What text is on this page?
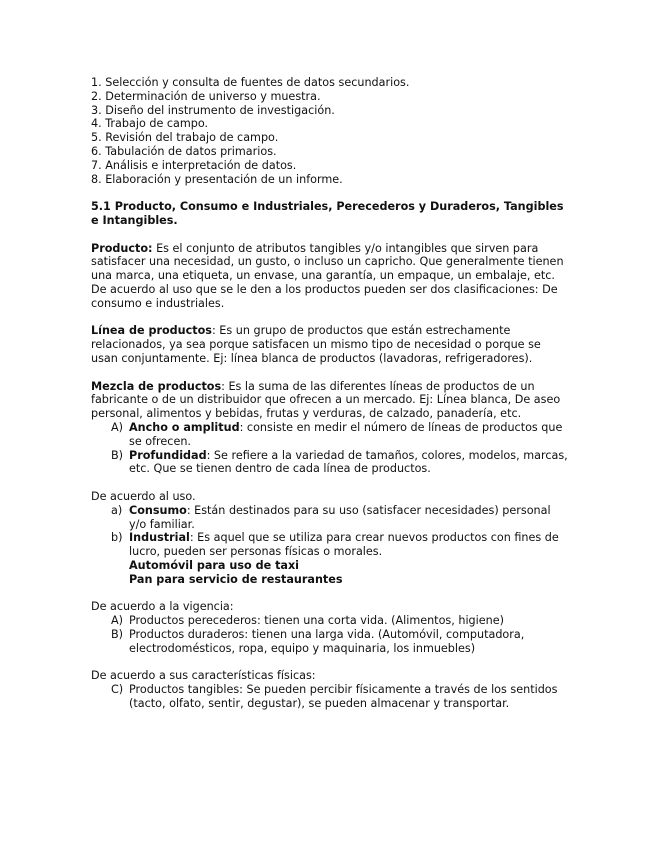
1. Selección y consulta de fuentes de datos secundarios.

2. Determinación de universo y muestra.

3. Diseño del instrumento de investigación.

4. Trabajo de campo.

5. Revisión del trabajo de campo.

6. Tabulación de datos primarios.

7. Análisis e interpretación de datos.

8. Elaboración y presentación de un informe.

5.1 Producto, Consumo e Industriales, Perecederos y Duraderos, Tangibles e Intangibles.

Producto: Es el conjunto de atributos tangibles y/o intangibles que sirven para satisfacer una necesidad, un gusto, o incluso un capricho. Que generalmente tienen una marca, una etiqueta, un envase, una garantía, un empaque, un embalaje, etc. De acuerdo al uso que se le den a los productos pueden ser dos clasificaciones: De consumo e industriales.

Línea de productos: Es un grupo de productos que están estrechamente relacionados, ya sea porque satisfacen un mismo tipo de necesidad o porque se usan conjuntamente. Ej: línea blanca de productos (lavadoras, refrigeradores).

Mezcla de productos: Es la suma de las diferentes líneas de productos de un fabricante o de un distribuidor que ofrecen a un mercado. Ej: Línea blanca, De aseo personal, alimentos y bebidas, frutas y verduras, de calzado, panadería, etc.

A) Ancho o amplitud: consiste en medir el número de líneas de productos que se ofrecen.
B) Profundidad: Se refiere a la variedad de tamaños, colores, modelos, marcas, etc. Que se tienen dentro de cada línea de productos.

De acuerdo al uso.

a) Consumo: Están destinados para su uso (satisfacer necesidades) personal y/o familiar.
b) Industrial: Es aquel que se utiliza para crear nuevos productos con fines de lucro, pueden ser personas físicas o morales.
Automóvil para uso de taxi
Pan para servicio de restaurantes

De acuerdo a la vigencia:

A) Productos perecederos: tienen una corta vida. (Alimentos, higiene)
B) Productos duraderos: tienen una larga vida. (Automóvil, computadora, electrodomésticos, ropa, equipo y maquinaria, los inmuebles)

De acuerdo a sus características físicas:

C) Productos tangibles: Se pueden percibir físicamente a través de los sentidos (tacto, olfato, sentir, degustar), se pueden almacenar y transportar.
